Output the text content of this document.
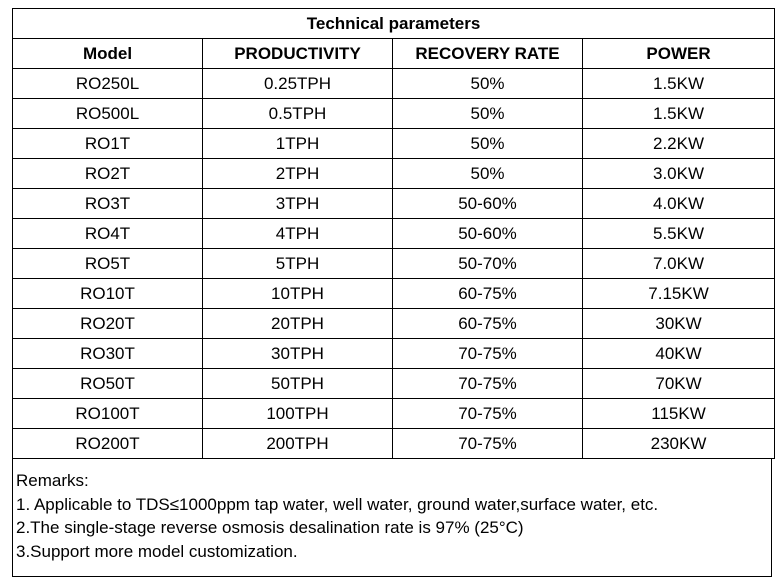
Technical parameters			
Model	PRODUCTIVITY	RECOVERY RATE	POWER
RO250L	0.25TPH	50%	1.5KW
RO500L	0.5TPH	50%	1.5KW
RO1T	1TPH	50%	2.2KW
RO2T	2TPH	50%	3.0KW
RO3T	3TPH	50-60%	4.0KW
RO4T	4TPH	50-60%	5.5KW
RO5T	5TPH	50-70%	7.0KW
RO10T	10TPH	60-75%	7.15KW
RO20T	20TPH	60-75%	30KW
RO30T	30TPH	70-75%	40KW
RO50T	50TPH	70-75%	70KW
RO100T	100TPH	70-75%	115KW
RO200T	200TPH	70-75%	230KW
Remarks:
1. Applicable to TDS≤1000ppm tap water, well water, ground water,surface water, etc.
2.The single-stage reverse osmosis desalination rate is 97% (25°C)
3.Support more model customization.
